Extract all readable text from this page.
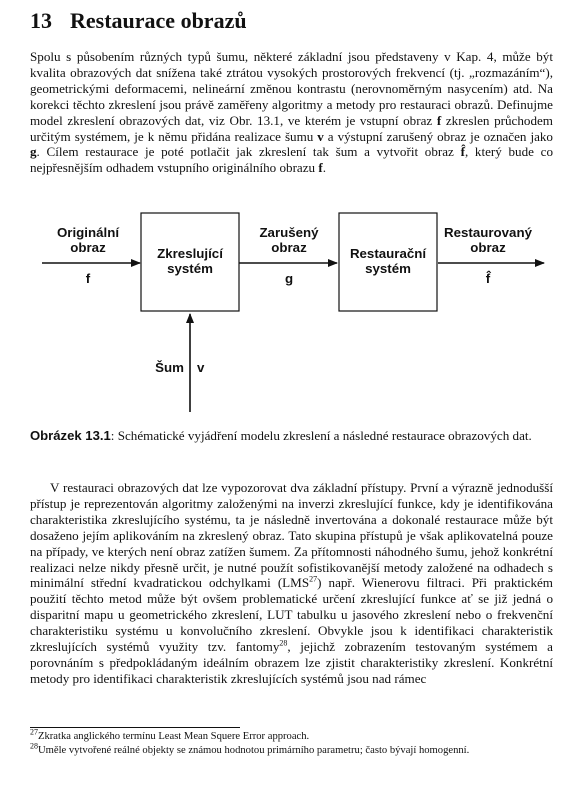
13 Restaurace obrazů

Spolu s působením různých typů šumu, některé základní jsou představeny v Kap. 4, může být kvalita obrazových dat snížena také ztrátou vysokých prostorových frekvencí (tj. „rozmazáním“), geometrickými deformacemi, nelineární změnou kontrastu (nerovnoměrným nasycením) atd. Na korekci těchto zkreslení jsou právě zaměřeny algoritmy a metody pro restauraci obrazů. Definujme model zkreslení obrazových dat, viz Obr. 13.1, ve kterém je vstupní obraz f zkreslen průchodem určitým systémem, je k němu přidána realizace šumu v a výstupní zarušený obraz je označen jako g. Cílem restaurace je poté potlačit jak zkreslení tak šum a vytvořit obraz f̂, který bude co nejpřesnějším odhadem vstupního originálního obrazu f.

Zkreslující
systém
Restaurační
systém
Originální
obraz
f
Zarušený
obraz
g
Restaurovaný
obraz
f̂
Šum v

Obrázek 13.1: Schématické vyjádření modelu zkreslení a následné restaurace obrazových dat.

V restauraci obrazových dat lze vypozorovat dva základní přístupy. První a výrazně jednodušší přístup je reprezentován algoritmy založenými na inverzi zkreslující funkce, kdy je identifikována charakteristika zkreslujícího systému, ta je následně invertována a dokonalé restaurace může být dosaženo jejím aplikováním na zkreslený obraz. Tato skupina přístupů je však aplikovatelná pouze na případy, ve kterých není obraz zatížen šumem. Za přítomnosti náhodného šumu, jehož konkrétní realizaci nelze nikdy přesně určit, je nutné použít sofistikovanější metody založené na odhadech s minimální střední kvadratickou odchylkami (LMS$^{27}$) např. Wienerovu filtraci. Při praktickém použití těchto metod může být ovšem problematické určení zkreslující funkce ať se již jedná o disparitní mapu u geometrického zkreslení, LUT tabulku u jasového zkreslení nebo o frekvenční charakteristiku systému u konvolučního zkreslení. Obvykle jsou k identifikaci charakteristik zkreslujících systémů využity tzv. fantomy$^{28}$, jejichž zobrazením testovaným systémem a porovnáním s předpokládaným ideálním obrazem lze zjistit charakteristiky zkreslení. Konkrétní metody pro identifikaci charakteristik zkreslujících systémů jsou nad rámec

$^{27}$Zkratka anglického termínu Least Mean Squere Error approach.

$^{28}$Uměle vytvořené reálné objekty se známou hodnotou primárního parametru; často bývají homogenní.
